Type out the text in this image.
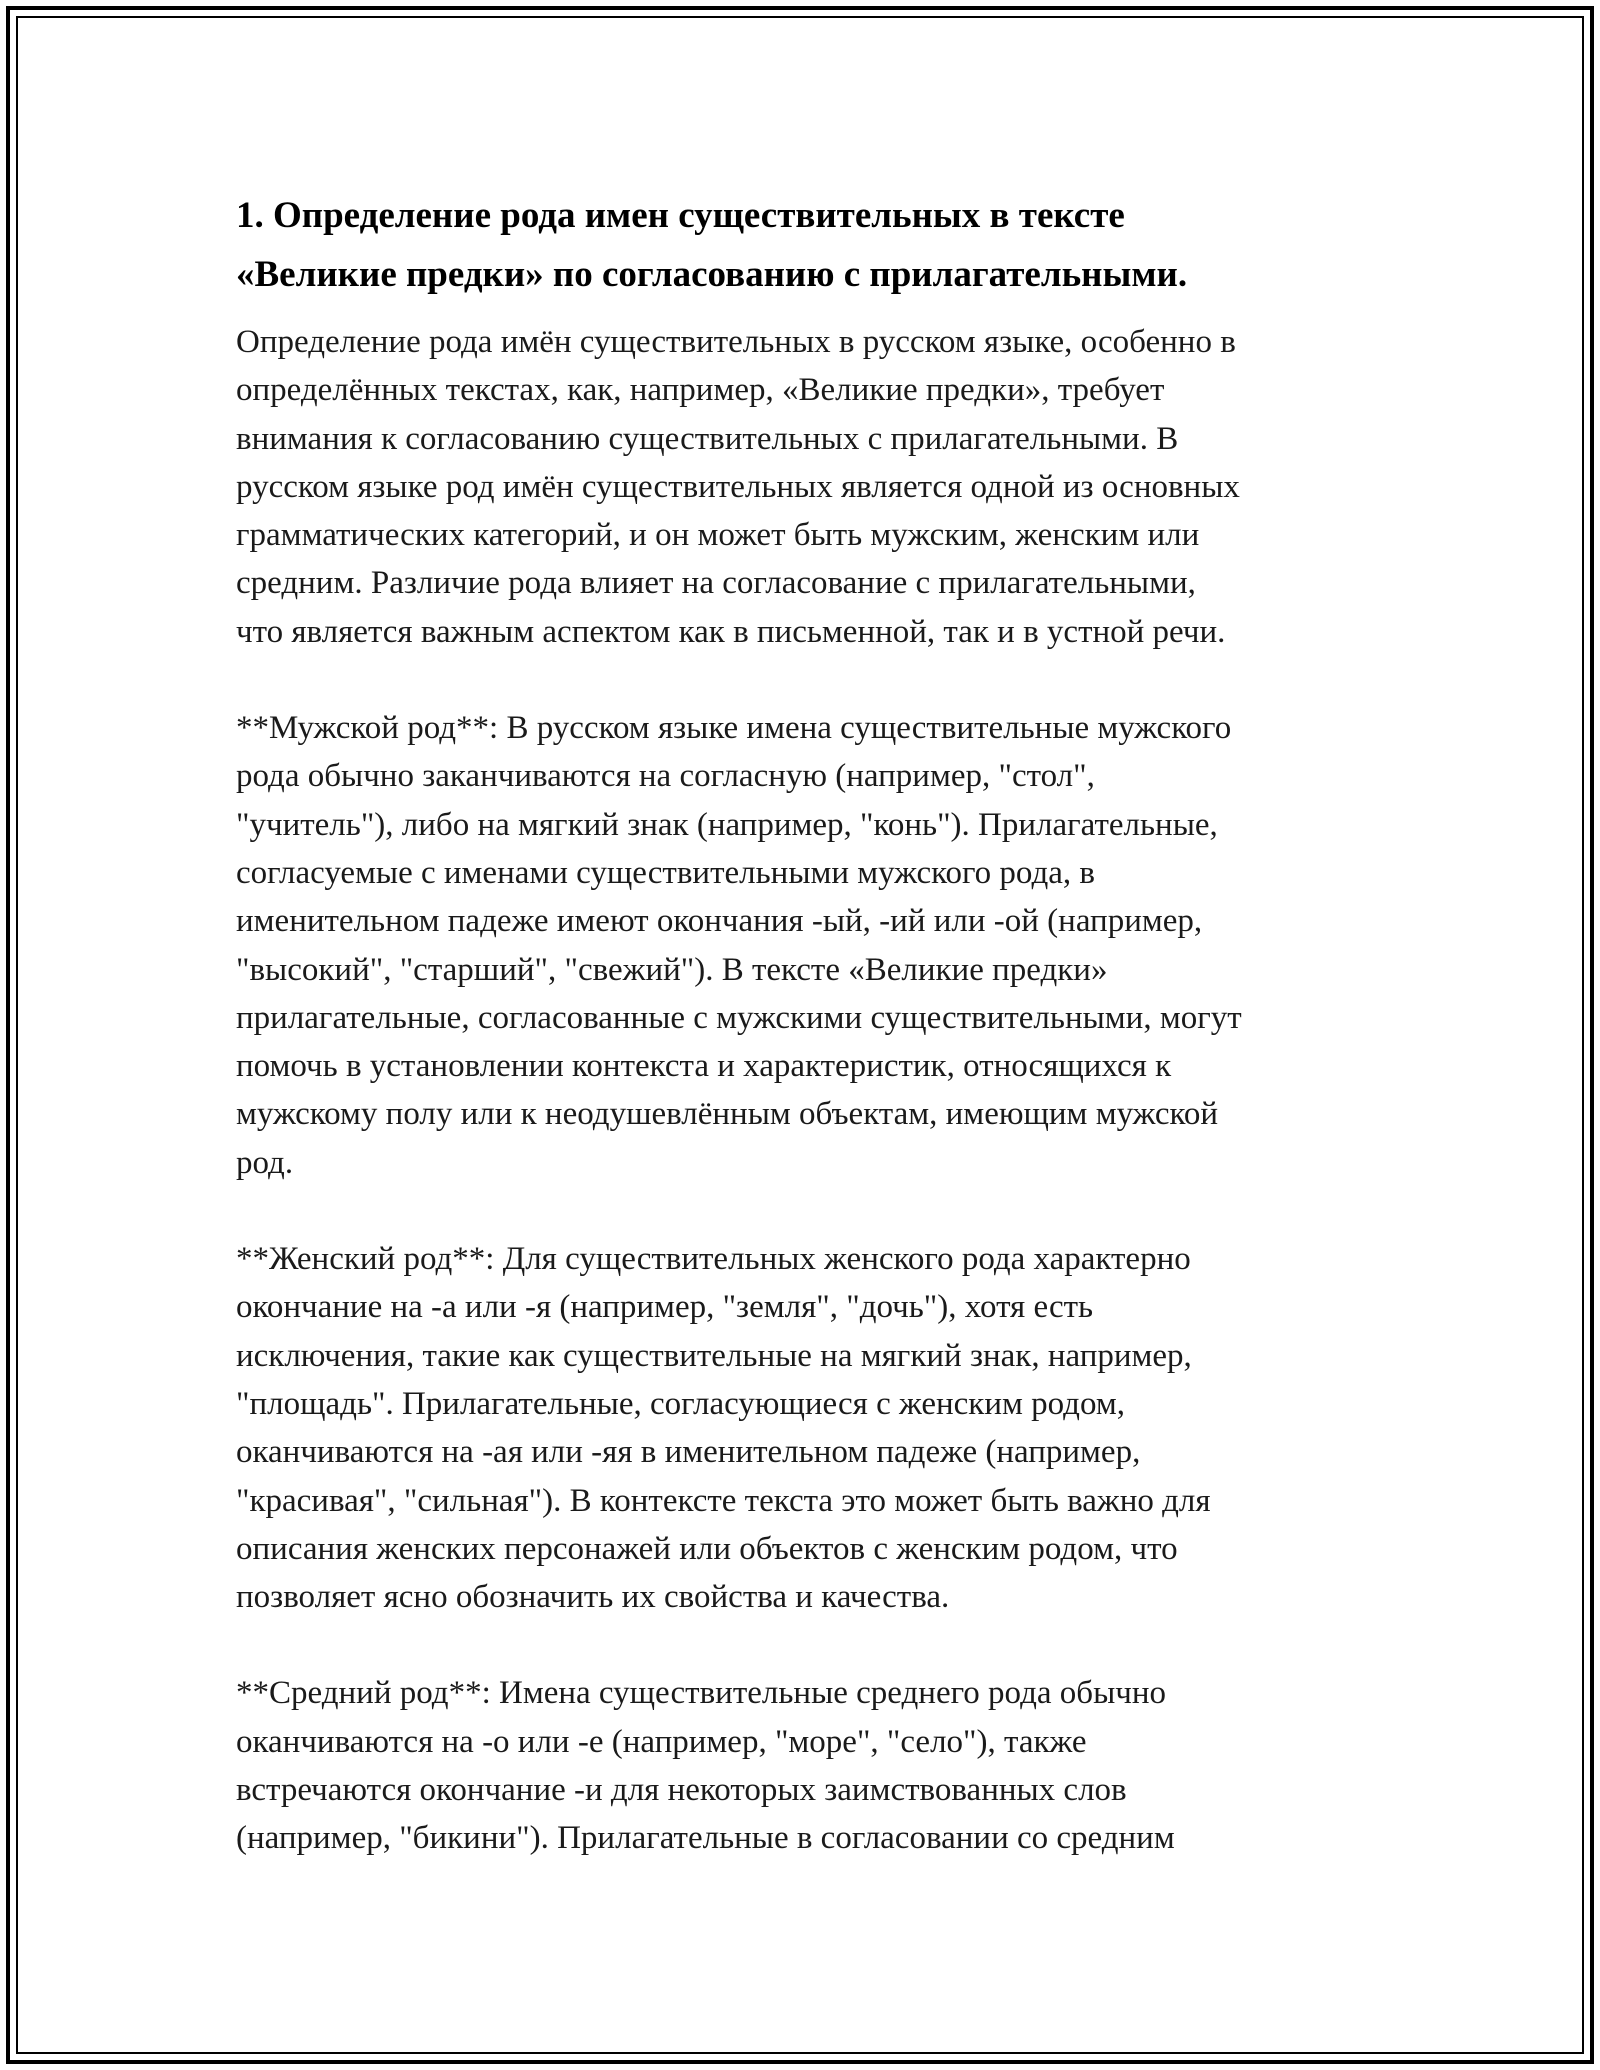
1. Определение рода имен существительных в тексте
«Великие предки» по согласованию с прилагательными.

Определение рода имён существительных в русском языке, особенно в
определённых текстах, как, например, «Великие предки», требует
внимания к согласованию существительных с прилагательными. В
русском языке род имён существительных является одной из основных
грамматических категорий, и он может быть мужским, женским или
средним. Различие рода влияет на согласование с прилагательными,
что является важным аспектом как в письменной, так и в устной речи.

**Мужской род**: В русском языке имена существительные мужского
рода обычно заканчиваются на согласную (например, "стол",
"учитель"), либо на мягкий знак (например, "конь"). Прилагательные,
согласуемые с именами существительными мужского рода, в
именительном падеже имеют окончания -ый, -ий или -ой (например,
"высокий", "старший", "свежий"). В тексте «Великие предки»
прилагательные, согласованные с мужскими существительными, могут
помочь в установлении контекста и характеристик, относящихся к
мужскому полу или к неодушевлённым объектам, имеющим мужской
род.

**Женский род**: Для существительных женского рода характерно
окончание на -а или -я (например, "земля", "дочь"), хотя есть
исключения, такие как существительные на мягкий знак, например,
"площадь". Прилагательные, согласующиеся с женским родом,
оканчиваются на -ая или -яя в именительном падеже (например,
"красивая", "сильная"). В контексте текста это может быть важно для
описания женских персонажей или объектов с женским родом, что
позволяет ясно обозначить их свойства и качества.

**Средний род**: Имена существительные среднего рода обычно
оканчиваются на -о или -е (например, "море", "село"), также
встречаются окончание -и для некоторых заимствованных слов
(например, "бикини"). Прилагательные в согласовании со средним
